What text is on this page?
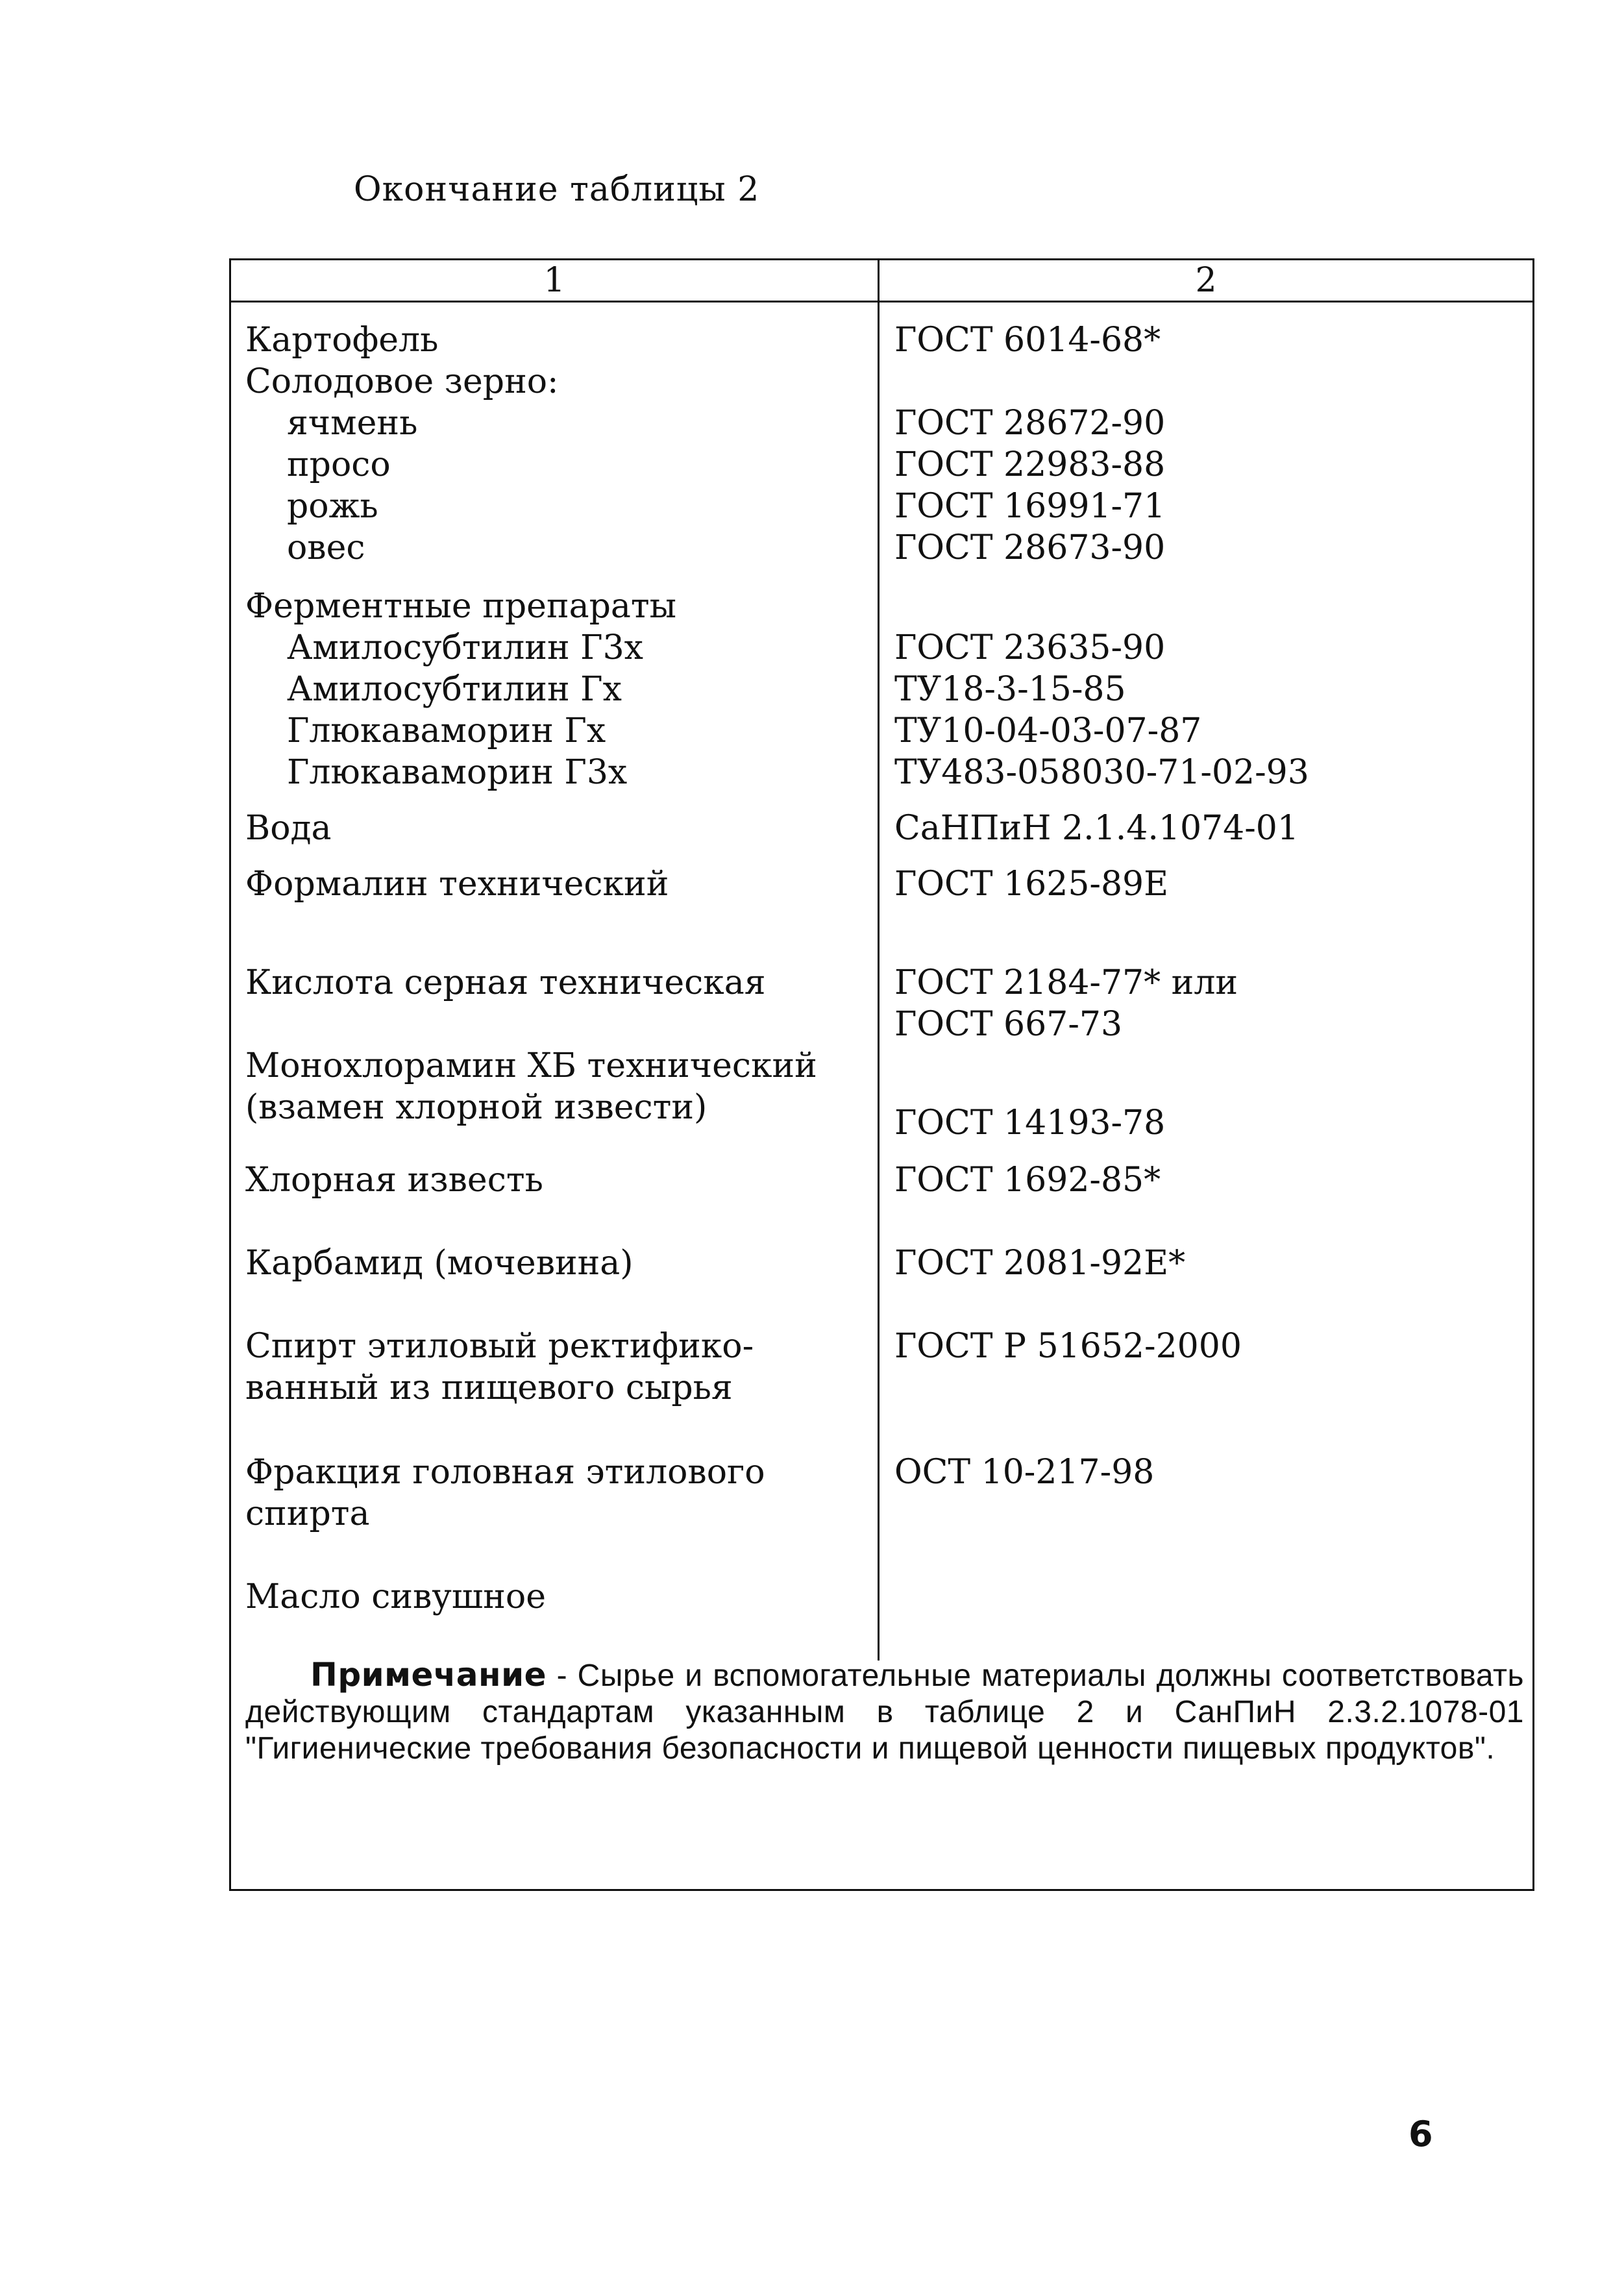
Окончание таблицы 2
1	2
Картофель	ГОСТ 6014-68*
Солодовое зерно:
ячмень	ГОСТ 28672-90
просо	ГОСТ 22983-88
рожь	ГОСТ 16991-71
овес	ГОСТ 28673-90
Ферментные препараты
Амилосубтилин Г3х	ГОСТ 23635-90
Амилосубтилин Гх	ТУ18-3-15-85
Глюкаваморин Гх	ТУ10-04-03-07-87
Глюкаваморин Г3х	ТУ483-058030-71-02-93
Вода	СаНПиН 2.1.4.1074-01
Формалин технический	ГОСТ 1625-89Е
Кислота серная техническая	ГОСТ 2184-77* или
ГОСТ 667-73
Монохлорамин ХБ технический
(взамен хлорной извести)	ГОСТ 14193-78
Хлорная известь	ГОСТ 1692-85*
Карбамид (мочевина)	ГОСТ 2081-92Е*
Спирт этиловый ректифико-	ГОСТ Р 51652-2000
ванный из пищевого сырья
Фракция головная этилового	ОСТ 10-217-98
спирта
Масло сивушное
Примечание - Сырье и вспомогательные материалы должны соответствовать действующим стандартам указанным в таблице 2 и СанПиН 2.3.2.1078-01 "Гигиенические требования безопасности и пищевой ценности пищевых продуктов".
6
